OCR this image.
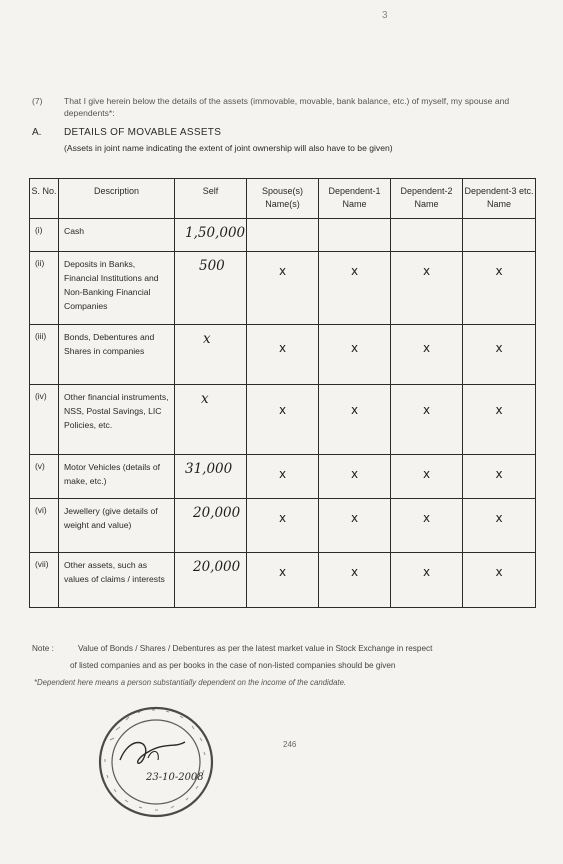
3
(7) That I give herein below the details of the assets (immovable, movable, bank balance, etc.) of myself, my spouse and dependents*:
A. DETAILS OF MOVABLE ASSETS
(Assets in joint name indicating the extent of joint ownership will also have to be given)
S. No.	Description	Self	Spouse(s) Name(s)	Dependent-1 Name	Dependent-2 Name	Dependent-3 etc. Name
(i)	Cash	1,50,000				

(ii)	Deposits in Banks, Financial Institutions and Non-Banking Financial Companies	500	x	x	x	x

(iii)	Bonds, Debentures and Shares in companies	x	x	x	x	x

(iv)	Other financial instruments, NSS, Postal Savings, LIC Policies, etc.	x	x	x	x	x

(v)	Motor Vehicles (details of make, etc.)	31,000	x	x	x	x

(vi)	Jewellery (give details of weight and value)	20,000	x	x	x	x

(vii)	Other assets, such as values of claims / interests	20,000	x	x	x	x
Note :	Value of Bonds / Shares / Debentures as per the latest market value in Stock Exchange in respect
of listed companies and as per books in the case of non-listed companies should be given
*Dependent here means a person substantially dependent on the income of the candidate.
246
23-10-2008
